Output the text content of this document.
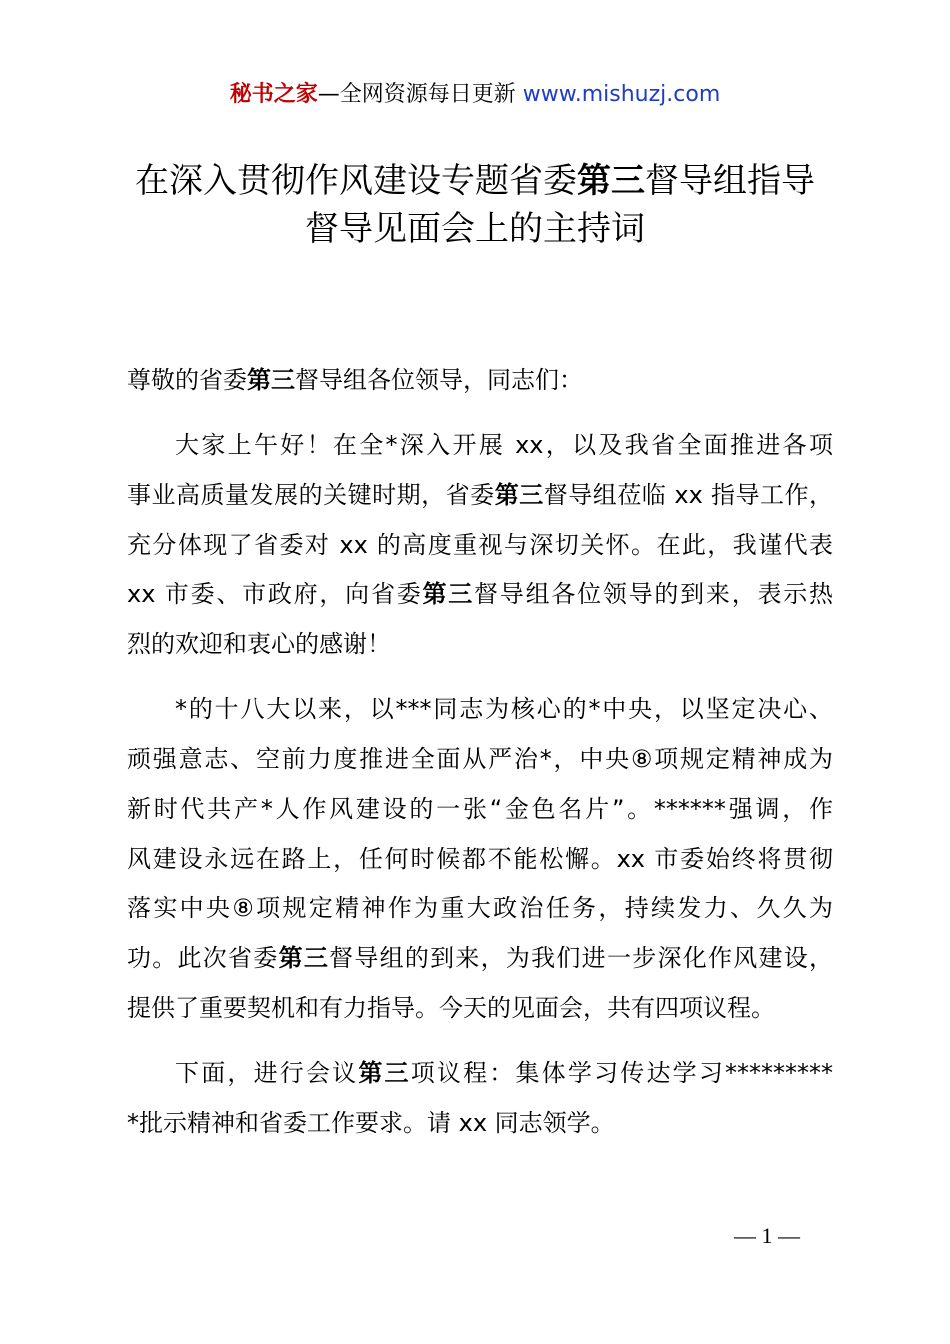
秘书之家—全网资源每日更新 www.mishuzj.com
在深入贯彻作风建设专题省委第三督导组指导
督导见面会上的主持词

尊敬的省委第三督导组各位领导，同志们：

大家上午好！在全*深入开展 xx，以及我省全面推进各项
事业高质量发展的关键时期，省委第三督导组莅临 xx 指导工作，
充分体现了省委对 xx 的高度重视与深切关怀。在此，我谨代表
xx 市委、市政府，向省委第三督导组各位领导的到来，表示热
烈的欢迎和衷心的感谢！

*的十八大以来，以***同志为核心的*中央，以坚定决心、
顽强意志、空前力度推进全面从严治*，中央⑧项规定精神成为
新时代共产*人作风建设的一张“金色名片”。******强调，作
风建设永远在路上，任何时候都不能松懈。xx 市委始终将贯彻
落实中央⑧项规定精神作为重大政治任务，持续发力、久久为
功。此次省委第三督导组的到来，为我们进一步深化作风建设，
提供了重要契机和有力指导。今天的见面会，共有四项议程。

下面，进行会议第三项议程：集体学习传达学习*********
*批示精神和省委工作要求。请 xx 同志领学。

— 1 —
